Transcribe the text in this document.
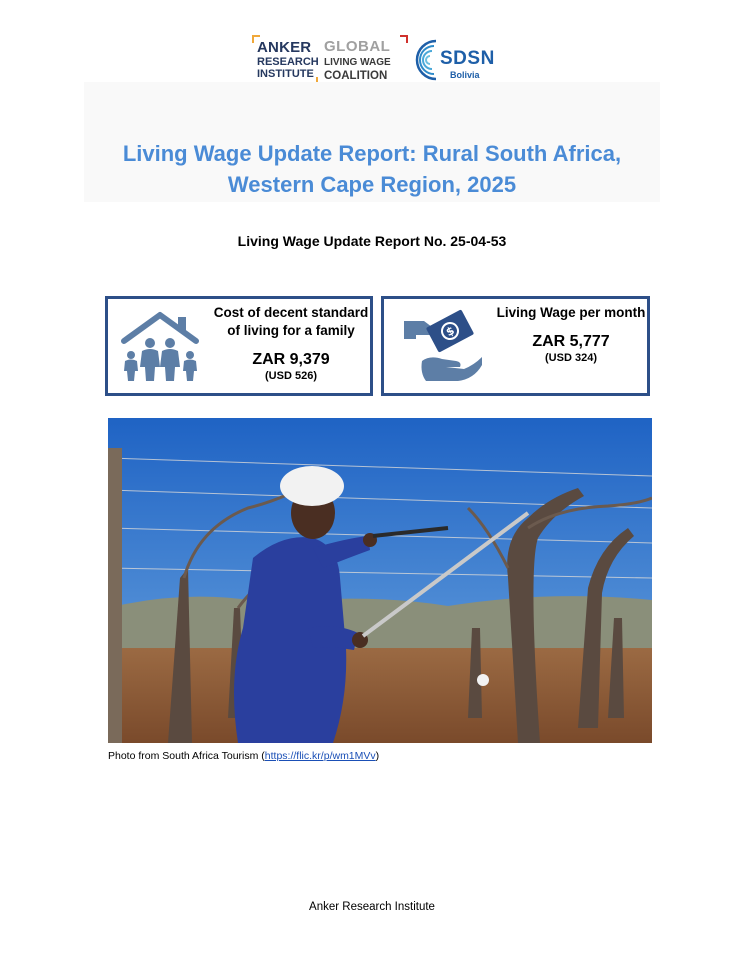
ANKER
RESEARCH
INSTITUTE
GLOBAL
LIVING WAGE
COALITION
SDSN
Bolivia
Living Wage Update Report: Rural South Africa, Western Cape Region, 2025
Living Wage Update Report No. 25-04-53
Cost of decent standard of living for a family
ZAR 9,379
(USD 526)
$
Living Wage per month
ZAR 5,777
(USD 324)
Photo from South Africa Tourism (https://flic.kr/p/wm1MVv)
Anker Research Institute
